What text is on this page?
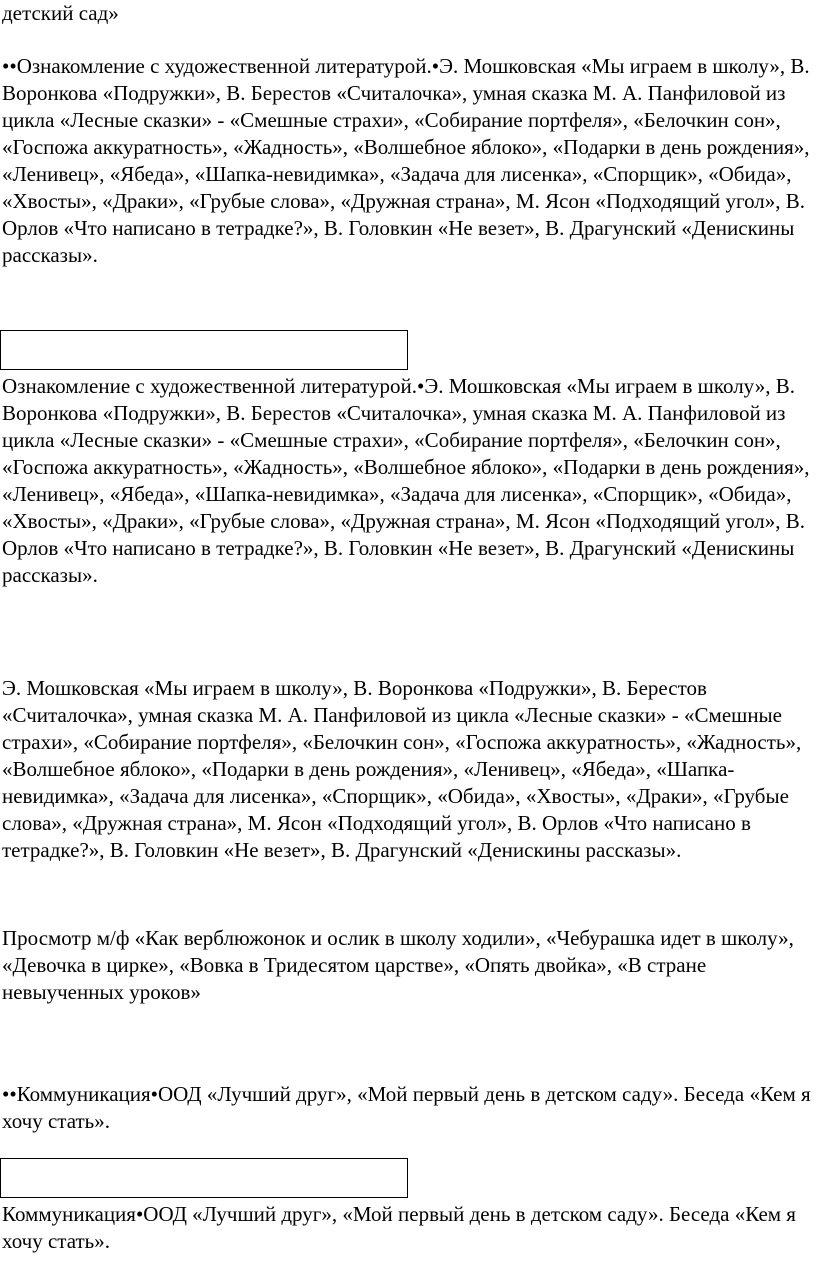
детский сад»

••Ознакомление с художественной литературой.•Э. Мошковская «Мы играем в школу», В. Воронкова «Подружки», В. Берестов «Считалочка», умная сказка М. А. Панфиловой из цикла «Лесные сказки» - «Смешные страхи», «Собирание портфеля», «Белочкин сон», «Госпожа аккуратность», «Жадность», «Волшебное яблоко», «Подарки в день рождения», «Ленивец», «Ябеда», «Шапка-невидимка», «Задача для лисенка», «Спорщик», «Обида», «Хвосты», «Драки», «Грубые слова», «Дружная страна», М. Ясон «Подходящий угол», В. Орлов «Что написано в тетрадке?», В. Головкин «Не везет», В. Драгунский «Денискины рассказы».

Ознакомление с художественной литературой.•Э. Мошковская «Мы играем в школу», В. Воронкова «Подружки», В. Берестов «Считалочка», умная сказка М. А. Панфиловой из цикла «Лесные сказки» - «Смешные страхи», «Собирание портфеля», «Белочкин сон», «Госпожа аккуратность», «Жадность», «Волшебное яблоко», «Подарки в день рождения», «Ленивец», «Ябеда», «Шапка-невидимка», «Задача для лисенка», «Спорщик», «Обида», «Хвосты», «Драки», «Грубые слова», «Дружная страна», М. Ясон «Подходящий угол», В. Орлов «Что написано в тетрадке?», В. Головкин «Не везет», В. Драгунский «Денискины рассказы».

Э. Мошковская «Мы играем в школу», В. Воронкова «Подружки», В. Берестов «Считалочка», умная сказка М. А. Панфиловой из цикла «Лесные сказки» - «Смешные страхи», «Собирание портфеля», «Белочкин сон», «Госпожа аккуратность», «Жадность», «Волшебное яблоко», «Подарки в день рождения», «Ленивец», «Ябеда», «Шапка-невидимка», «Задача для лисенка», «Спорщик», «Обида», «Хвосты», «Драки», «Грубые слова», «Дружная страна», М. Ясон «Подходящий угол», В. Орлов «Что написано в тетрадке?», В. Головкин «Не везет», В. Драгунский «Денискины рассказы».

Просмотр м/ф «Как верблюжонок и ослик в школу ходили», «Чебурашка идет в школу», «Девочка в цирке», «Вовка в Тридесятом царстве», «Опять двойка», «В стране невыученных уроков»

••Коммуникация•ООД «Лучший друг», «Мой первый день в детском саду». Беседа «Кем я хочу стать».

Коммуникация•ООД «Лучший друг», «Мой первый день в детском саду». Беседа «Кем я хочу стать».
